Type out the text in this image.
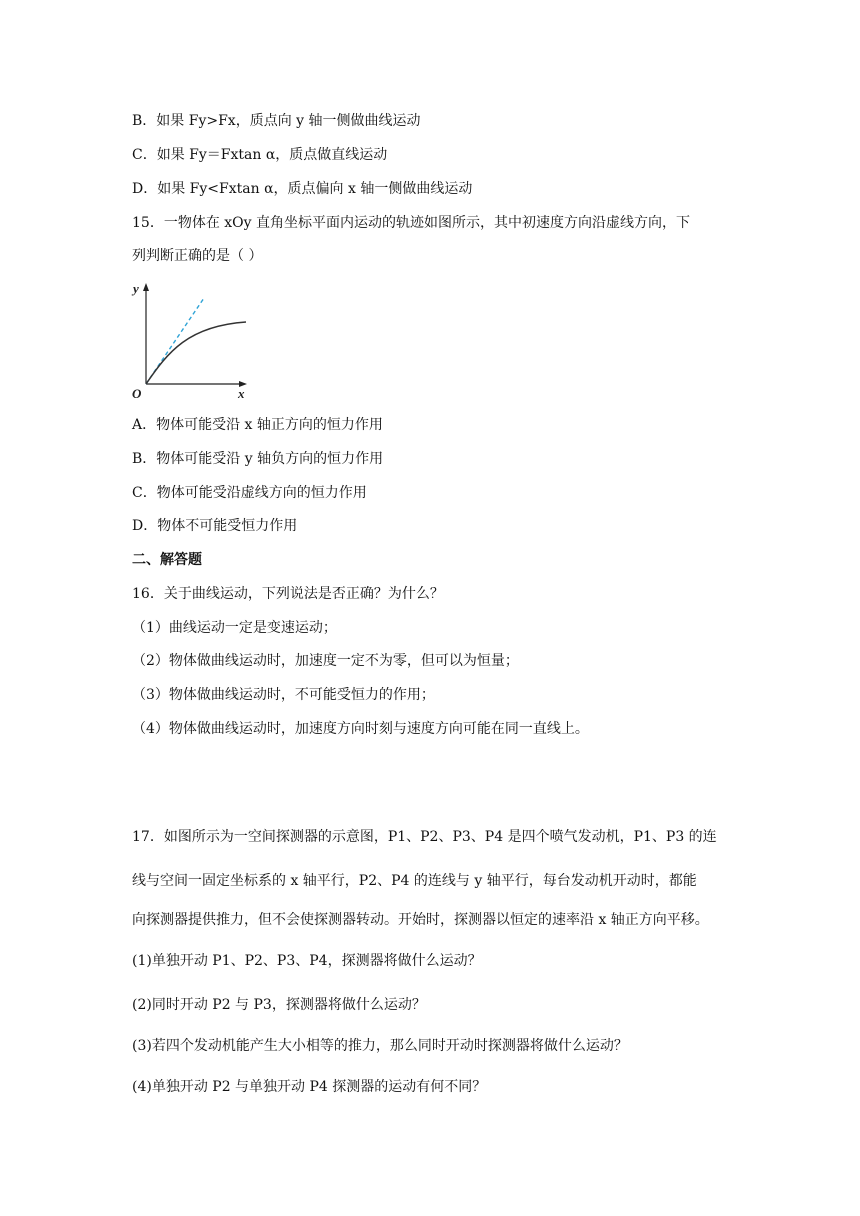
B．如果 Fy>Fx，质点向 y 轴一侧做曲线运动
C．如果 Fy＝Fxtan α，质点做直线运动
D．如果 Fy<Fxtan α，质点偏向 x 轴一侧做曲线运动
15．一物体在 xOy 直角坐标平面内运动的轨迹如图所示，其中初速度方向沿虚线方向，下
列判断正确的是（ ）
y
x
O
A．物体可能受沿 x 轴正方向的恒力作用
B．物体可能受沿 y 轴负方向的恒力作用
C．物体可能受沿虚线方向的恒力作用
D．物体不可能受恒力作用
二、解答题
16．关于曲线运动，下列说法是否正确？为什么？
（1）曲线运动一定是变速运动；
（2）物体做曲线运动时，加速度一定不为零，但可以为恒量；
（3）物体做曲线运动时，不可能受恒力的作用；
（4）物体做曲线运动时，加速度方向时刻与速度方向可能在同一直线上。
17．如图所示为一空间探测器的示意图，P1、P2、P3、P4 是四个喷气发动机，P1、P3 的连
线与空间一固定坐标系的 x 轴平行，P2、P4 的连线与 y 轴平行，每台发动机开动时，都能
向探测器提供推力，但不会使探测器转动。开始时，探测器以恒定的速率沿 x 轴正方向平移。
(1)单独开动 P1、P2、P3、P4，探测器将做什么运动？
(2)同时开动 P2 与 P3，探测器将做什么运动？
(3)若四个发动机能产生大小相等的推力，那么同时开动时探测器将做什么运动？
(4)单独开动 P2 与单独开动 P4 探测器的运动有何不同？
